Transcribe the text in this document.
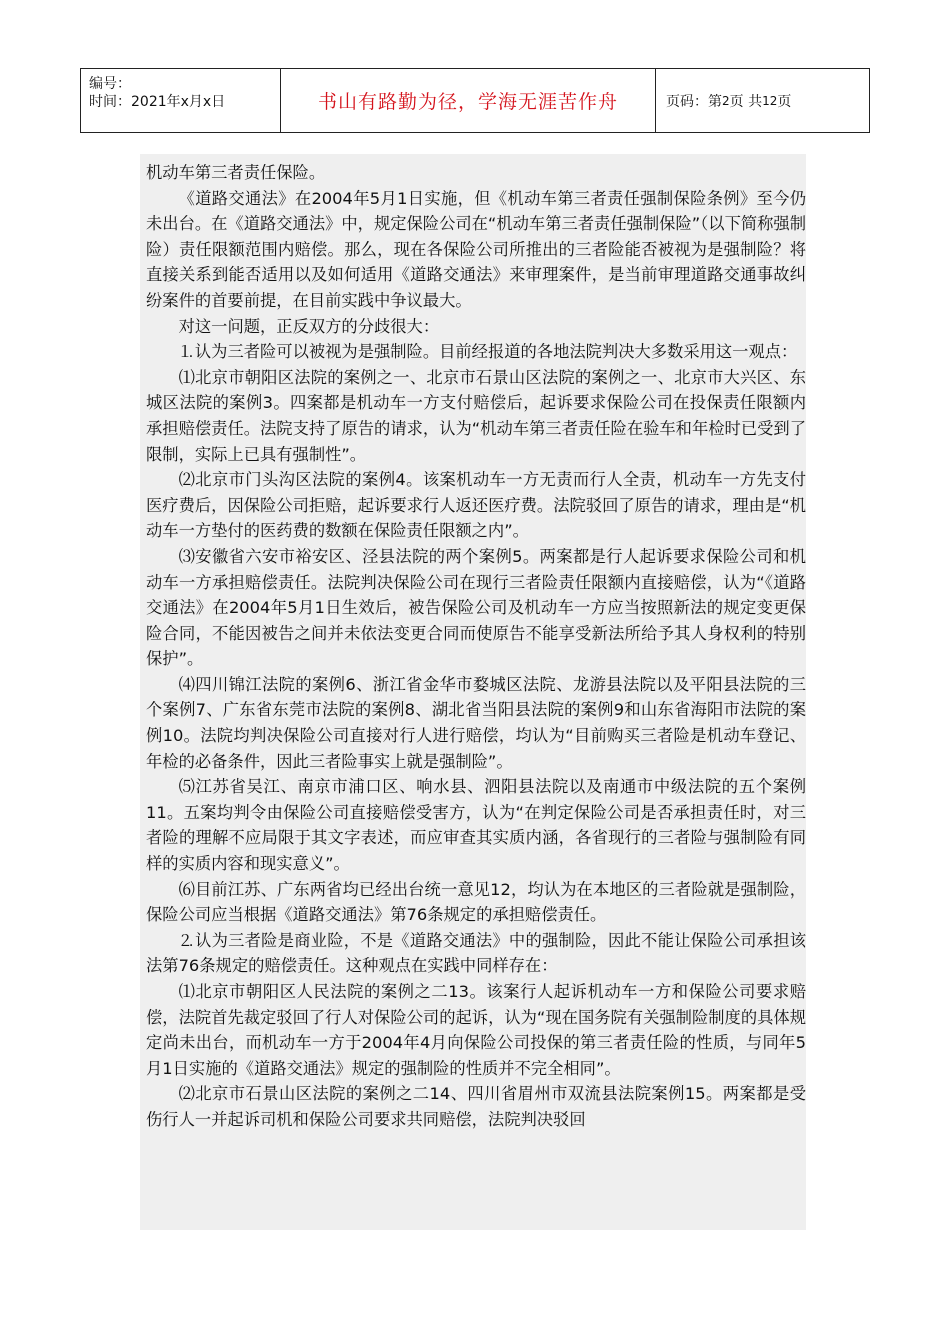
编号：
时间：2021年x月x日	书山有路勤为径，学海无涯苦作舟	页码：第 2 页 共 12 页

机动车第三者责任保险。

《道路交通法》在2004年5月1日实施，但《机动车第三者责任强制保险条例》至今仍未出台。在《道路交通法》中，规定保险公司在“机动车第三者责任强制保险”（以下简称强制险）责任限额范围内赔偿。那么，现在各保险公司所推出的三者险能否被视为是强制险？将直接关系到能否适用以及如何适用《道路交通法》来审理案件，是当前审理道路交通事故纠纷案件的首要前提，在目前实践中争议最大。

对这一问题，正反双方的分歧很大：

⒈认为三者险可以被视为是强制险。目前经报道的各地法院判决大多数采用这一观点：

⑴北京市朝阳区法院的案例之一、北京市石景山区法院的案例之一、北京市大兴区、东城区法院的案例3。四案都是机动车一方支付赔偿后，起诉要求保险公司在投保责任限额内承担赔偿责任。法院支持了原告的请求，认为“机动车第三者责任险在验车和年检时已受到了限制，实际上已具有强制性”。

⑵北京市门头沟区法院的案例4。该案机动车一方无责而行人全责，机动车一方先支付医疗费后，因保险公司拒赔，起诉要求行人返还医疗费。法院驳回了原告的请求，理由是“机动车一方垫付的医药费的数额在保险责任限额之内”。

⑶安徽省六安市裕安区、泾县法院的两个案例5。两案都是行人起诉要求保险公司和机动车一方承担赔偿责任。法院判决保险公司在现行三者险责任限额内直接赔偿，认为“《道路交通法》在2004年5月1日生效后，被告保险公司及机动车一方应当按照新法的规定变更保险合同，不能因被告之间并未依法变更合同而使原告不能享受新法所给予其人身权利的特别保护”。

⑷四川锦江法院的案例6、浙江省金华市婺城区法院、龙游县法院以及平阳县法院的三个案例7、广东省东莞市法院的案例8、湖北省当阳县法院的案例9和山东省海阳市法院的案例10。法院均判决保险公司直接对行人进行赔偿，均认为“目前购买三者险是机动车登记、年检的必备条件，因此三者险事实上就是强制险”。

⑸江苏省吴江、南京市浦口区、响水县、泗阳县法院以及南通市中级法院的五个案例11。五案均判令由保险公司直接赔偿受害方，认为“在判定保险公司是否承担责任时，对三者险的理解不应局限于其文字表述，而应审查其实质内涵，各省现行的三者险与强制险有同样的实质内容和现实意义”。

⑹目前江苏、广东两省均已经出台统一意见12，均认为在本地区的三者险就是强制险，保险公司应当根据《道路交通法》第76条规定的承担赔偿责任。

⒉认为三者险是商业险，不是《道路交通法》中的强制险，因此不能让保险公司承担该法第76条规定的赔偿责任。这种观点在实践中同样存在：

⑴北京市朝阳区人民法院的案例之二13。该案行人起诉机动车一方和保险公司要求赔偿，法院首先裁定驳回了行人对保险公司的起诉，认为“现在国务院有关强制险制度的具体规定尚未出台，而机动车一方于2004年4月向保险公司投保的第三者责任险的性质，与同年5月1日实施的《道路交通法》规定的强制险的性质并不完全相同”。

⑵北京市石景山区法院的案例之二14、四川省眉州市双流县法院案例15。两案都是受伤行人一并起诉司机和保险公司要求共同赔偿，法院判决驳回
